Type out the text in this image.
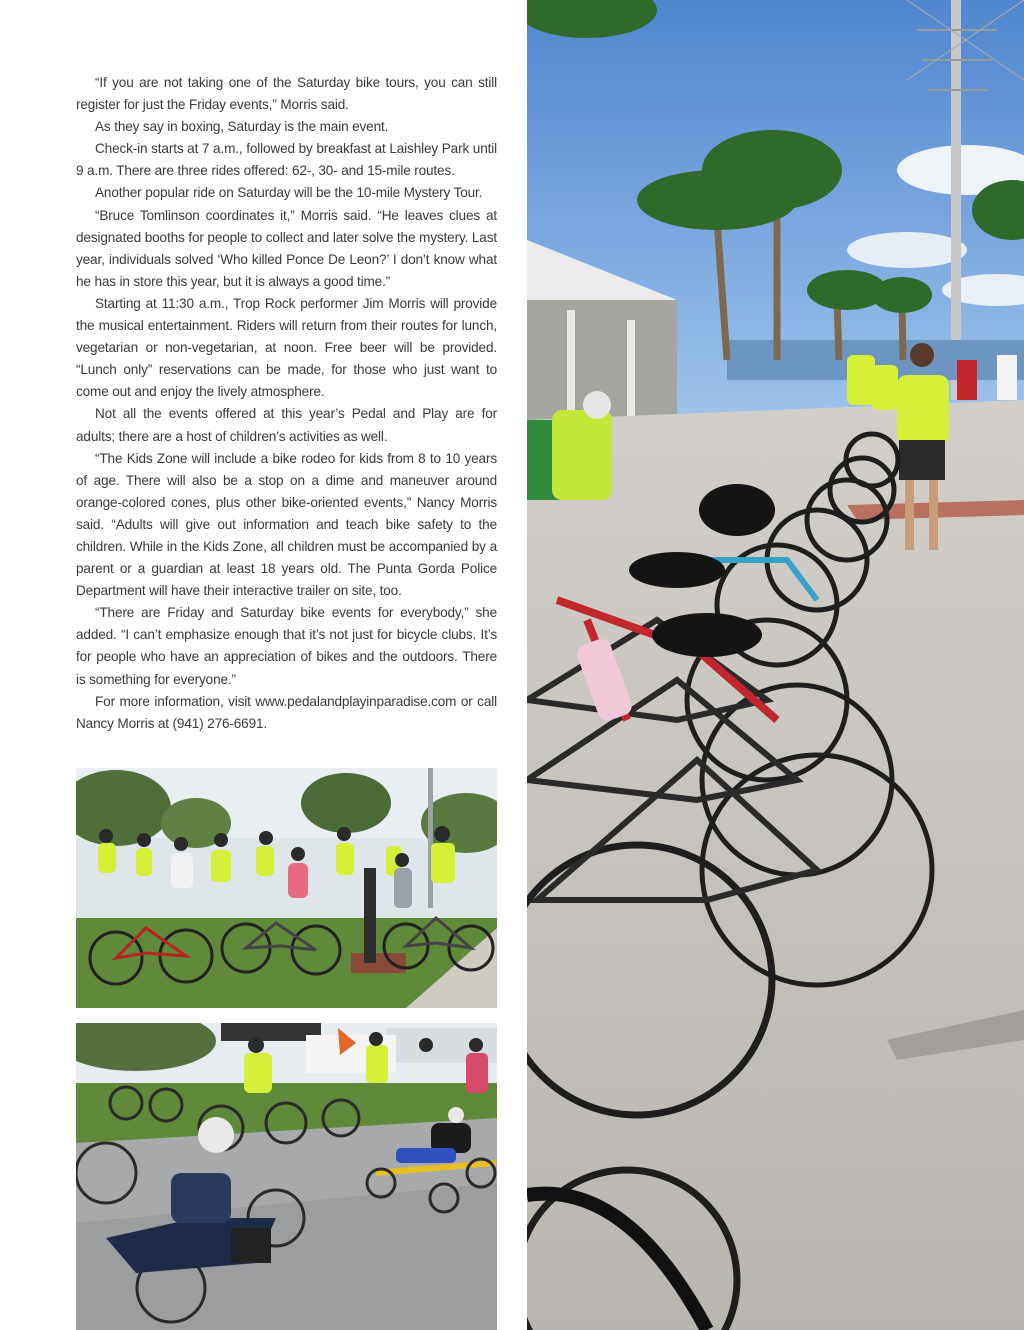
“If you are not taking one of the Saturday bike tours, you can still register for just the Friday events,” Morris said.

As they say in boxing, Saturday is the main event.

Check-in starts at 7 a.m., followed by breakfast at Laishley Park until 9 a.m. There are three rides offered: 62-, 30- and 15-mile routes.

Another popular ride on Saturday will be the 10-mile Mystery Tour.

“Bruce Tomlinson coordinates it,” Morris said. “He leaves clues at designated booths for people to collect and later solve the mystery. Last year, individuals solved ‘Who killed Ponce De Leon?’ I don’t know what he has in store this year, but it is always a good time.”

Starting at 11:30 a.m., Trop Rock performer Jim Morris will provide the musical entertainment. Riders will return from their routes for lunch, vegetarian or non-vegetarian, at noon. Free beer will be provided. “Lunch only” reservations can be made, for those who just want to come out and enjoy the lively atmosphere.

Not all the events offered at this year’s Pedal and Play are for adults; there are a host of children’s activities as well.

“The Kids Zone will include a bike rodeo for kids from 8 to 10 years of age. There will also be a stop on a dime and maneuver around orange-colored cones, plus other bike-oriented events,” Nancy Morris said. “Adults will give out information and teach bike safety to the children. While in the Kids Zone, all children must be accompanied by a parent or a guardian at least 18 years old. The Punta Gorda Police Department will have their interactive trailer on site, too.

“There are Friday and Saturday bike events for everybody,” she added. “I can’t emphasize enough that it’s not just for bicycle clubs. It’s for people who have an appreciation of bikes and the outdoors. There is something for everyone.”

For more information, visit www.pedalandplayinparadise.com or call Nancy Morris at (941) 276-6691.
